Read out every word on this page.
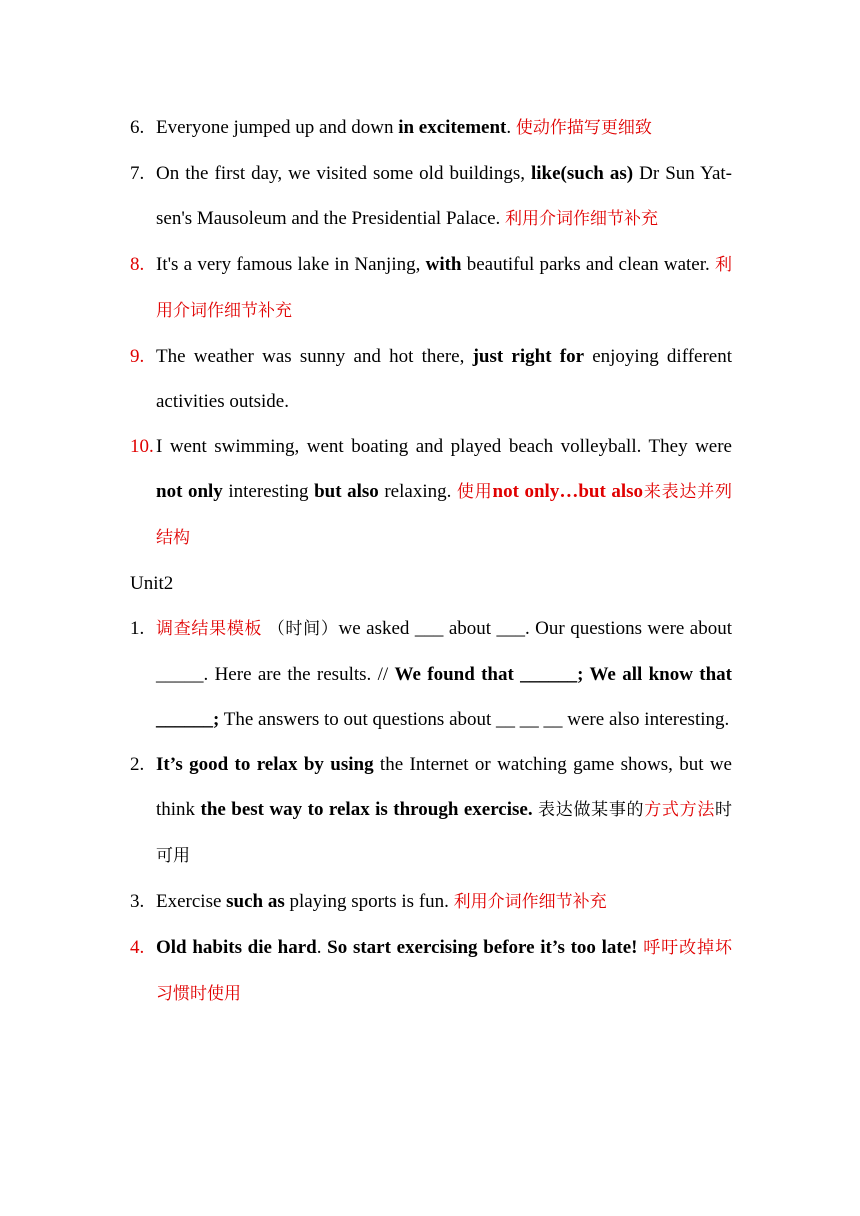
6. Everyone jumped up and down in excitement. 使动作描写更细致
7. On the first day, we visited some old buildings, like(such as) Dr Sun Yat-sen's Mausoleum and the Presidential Palace. 利用介词作细节补充
8. It's a very famous lake in Nanjing, with beautiful parks and clean water. 利用介词作细节补充
9. The weather was sunny and hot there, just right for enjoying different activities outside.
10. I went swimming, went boating and played beach volleyball. They were not only interesting but also relaxing. 使用not only…but also来表达并列结构
Unit2
1. 调查结果模板 （时间）we asked ___ about ___. Our questions were about _____. Here are the results. // We found that ______; We all know that ______; The answers to out questions about __ __ __ were also interesting.
2. It’s good to relax by using the Internet or watching game shows, but we think the best way to relax is through exercise. 表达做某事的方式方法时可用
3. Exercise such as playing sports is fun. 利用介词作细节补充
4. Old habits die hard. So start exercising before it’s too late! 呼吁改掉坏习惯时使用
